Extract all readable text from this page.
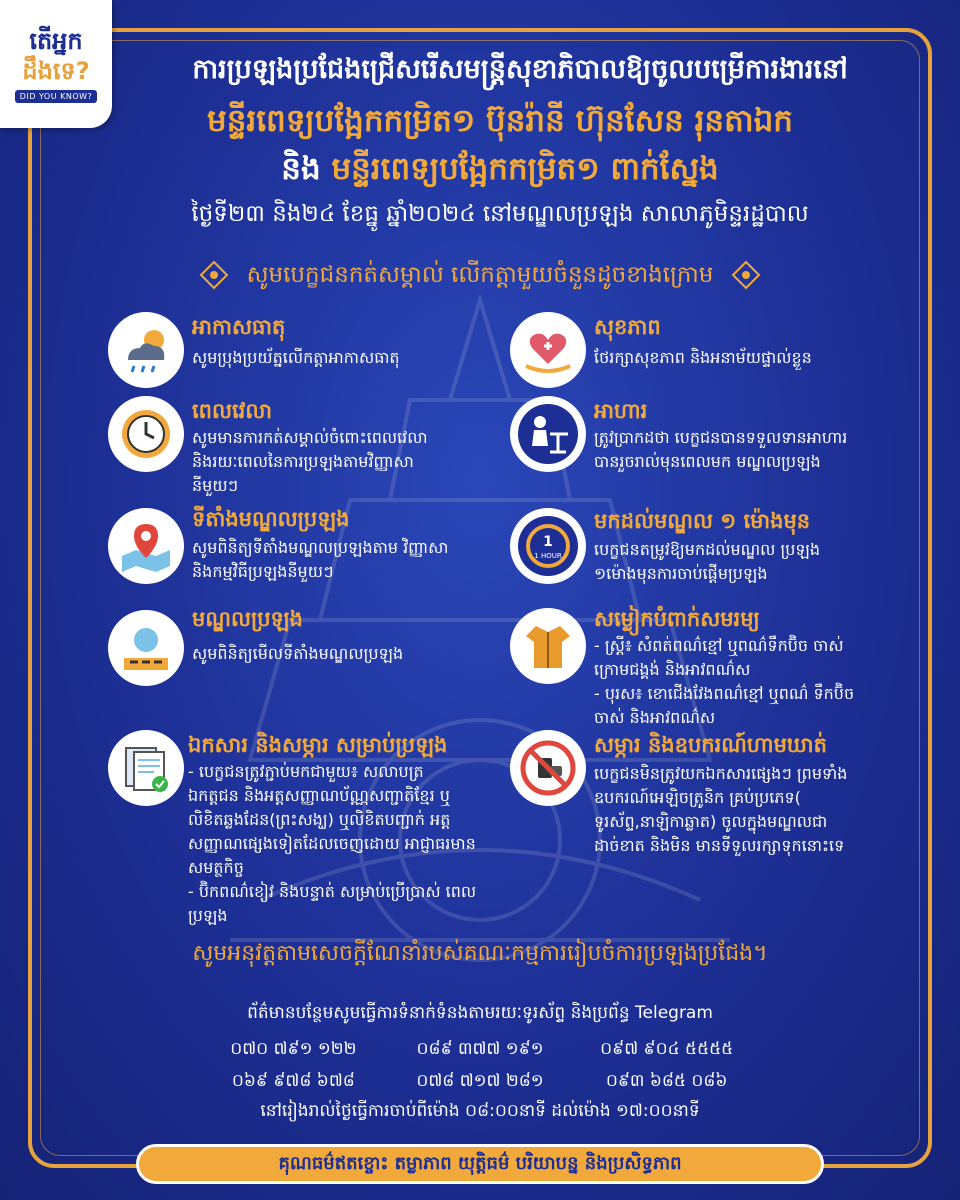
តើអ្នក
ដឹងទេ?
DID YOU KNOW?
ការប្រឡងប្រជែងជ្រើសរើសមន្ត្រីសុខាភិបាលឱ្យចូលបម្រើការងារនៅ
មន្ទីរពេទ្យបង្អែកកម្រិត១ ប៊ុនរ៉ានី ហ៊ុនសែន រុនតាឯក
និង មន្ទីរពេទ្យបង្អែកកម្រិត១ ពាក់ស្នែង
ថ្ងៃទី២៣ និង២៤ ខែធ្នូ ឆ្នាំ២០២៤ នៅមណ្ឌលប្រឡង សាលាភូមិន្ទរដ្ឋបាល
សូមបេក្ខជនកត់សម្គាល់ លើកត្តាមួយចំនួនដូចខាងក្រោម
អាកាសធាតុ
សូមប្រុងប្រយ័ត្នលើកត្តាអាកាសធាតុ
សុខភាព
ថែរក្សាសុខភាព និងអនាម័យផ្ទាល់ខ្លួន
ពេលវេលា
សូមមានការកត់សម្គាល់ចំពោះពេលវេលា និងរយៈពេលនៃការប្រឡងតាមវិញ្ញាសា នីមួយៗ
អាហារ
ត្រូវប្រាកដថា បេក្ខជនបានទទួលទានអាហារ បានរួចរាល់មុនពេលមក មណ្ឌលប្រឡង
ទីតាំងមណ្ឌលប្រឡង
សូមពិនិត្យទីតាំងមណ្ឌលប្រឡងតាម វិញ្ញាសា និងកម្មវិធីប្រឡងនីមួយៗ
1
1 HOUR
មកដល់មណ្ឌល ១ ម៉ោងមុន
បេក្ខជនតម្រូវឱ្យមកដល់មណ្ឌល ប្រឡង ១ម៉ោងមុនការចាប់ផ្តើមប្រឡង
មណ្ឌលប្រឡង
សូមពិនិត្យមើលទីតាំងមណ្ឌលប្រឡង
សម្លៀកបំពាក់សមរម្យ
- ស្ត្រី៖ សំពត់ពណ៌ខ្មៅ ឬពណ៌ទឹកប៊ិច ចាស់ក្រោមជង្គង់ និងអាវពណ៌ស
- បុរស៖ ខោជើងវែងពណ៌ខ្មៅ ឬពណ៌ ទឹកប៊ិចចាស់ និងអាវពណ៌ស
ឯកសារ និងសម្ភារ សម្រាប់ប្រឡង
- បេក្ខជនត្រូវភ្ជាប់មកជាមួយ៖ សលាបត្រ ឯកត្តជន និងអត្តសញ្ញាណប័ណ្ណសញ្ជាតិខ្មែរ ឬលិខិតឆ្លងដែន(ព្រះសង្ឃ) ឬលិខិតបញ្ជាក់ អត្តសញ្ញាណផ្សេងទៀតដែលចេញដោយ អាជ្ញាធរមានសមត្ថកិច្ច
- ប៊ិកពណ៌ខៀវ និងបន្ទាត់ សម្រាប់ប្រើប្រាស់ ពេលប្រឡង
សម្ភារ និងឧបករណ៍ហាមឃាត់
បេក្ខជនមិនត្រូវយកឯកសារផ្សេងៗ ព្រមទាំងឧបករណ៍អេឡិចត្រូនិក គ្រប់ប្រភេទ( ទូរស័ព្ទ,នាឡិកាឆ្លាត) ចូលក្នុងមណ្ឌលជាដាច់ខាត និងមិន មានទីទួលរក្សាទុកនោះទេ
សូមអនុវត្តតាមសេចក្តីណែនាំរបស់គណៈកម្មការរៀបចំការប្រឡងប្រជែង។
ព័ត៌មានបន្ថែមសូមធ្វើការទំនាក់ទំនងតាមរយៈទូរស័ព្ទ និងប្រព័ន្ធ Telegram
០៧០ ៧៩១ ១២២	០៨៩ ៣៧៧ ១៩១	០៩៧ ៩០៤ ៥៥៥៥
០៦៩ ៩៧៨ ៦៧៨	០៧៨ ៧១៧ ២៨១	០៩៣ ៦៨៥ ០៨៦
នៅរៀងរាល់ថ្ងៃធ្វើការចាប់ពីម៉ោង ០៨:០០នាទី ដល់ម៉ោង ១៧:០០នាទី
គុណធម៌ឥតខ្ចោះ តម្លាភាព យុត្តិធម៌ បរិយាបន្ន និងប្រសិទ្ធភាព
